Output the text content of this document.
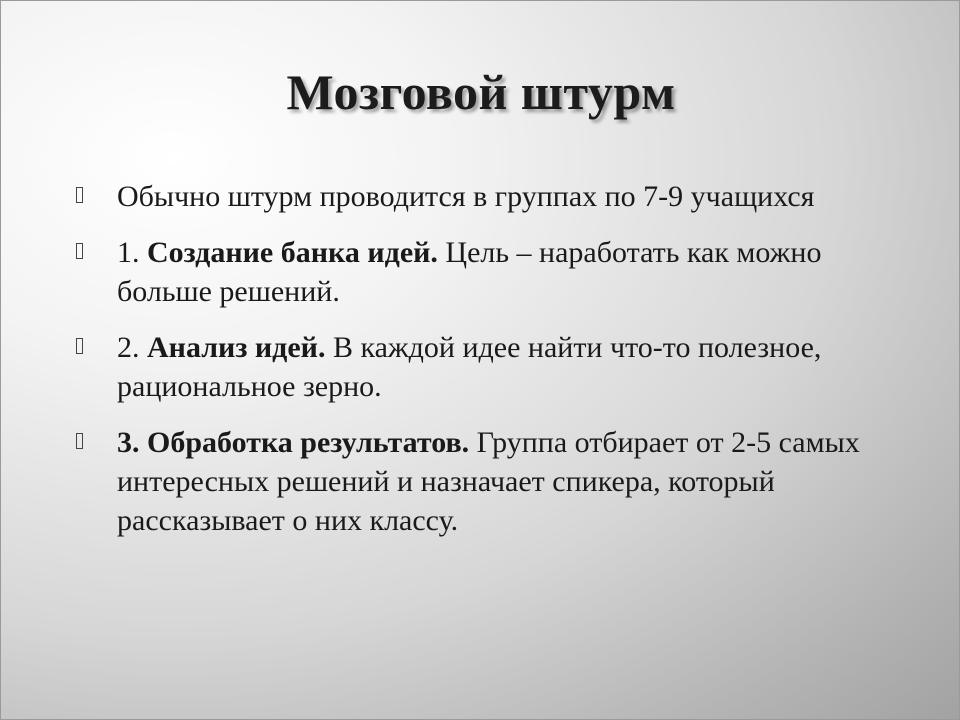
Мозговой штурм
Обычно штурм проводится в группах по 7-9 учащихся
1. Создание банка идей. Цель – наработать как можно больше решений.
2. Анализ идей. В каждой идее найти что-то полезное, рациональное зерно.
3. Обработка результатов. Группа отбирает от 2-5 самых интересных решений и назначает спикера, который рассказывает о них классу.
